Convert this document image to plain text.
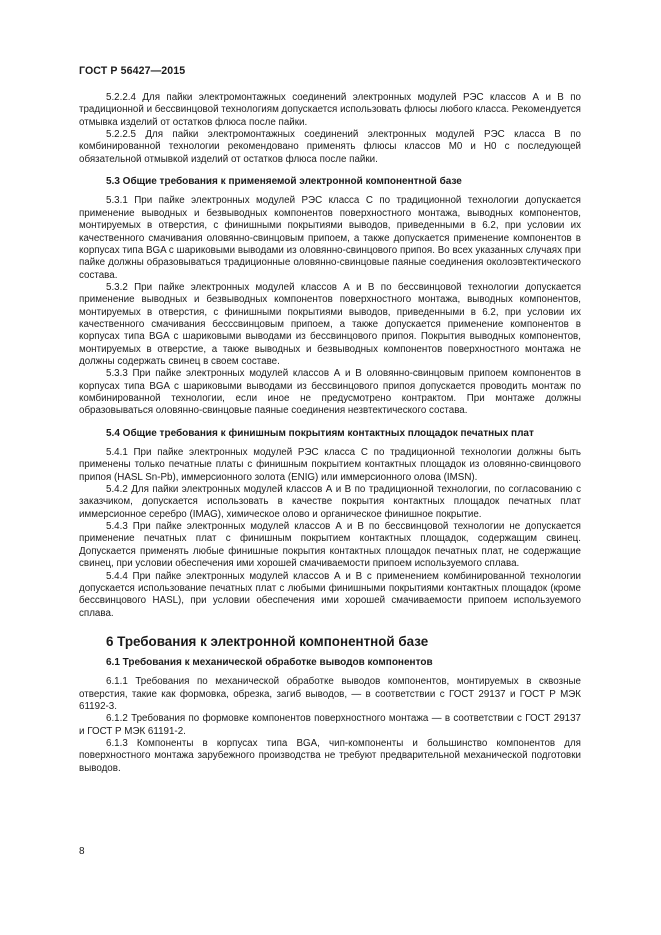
ГОСТ Р 56427—2015

5.2.2.4 Для пайки электромонтажных соединений электронных модулей РЭС классов А и В по традиционной и бессвинцовой технологиям допускается использовать флюсы любого класса. Рекомендуется отмывка изделий от остатков флюса после пайки.

5.2.2.5 Для пайки электромонтажных соединений электронных модулей РЭС класса В по комбинированной технологии рекомендовано применять флюсы классов М0 и Н0 с последующей обязательной отмывкой изделий от остатков флюса после пайки.

5.3 Общие требования к применяемой электронной компонентной базе

5.3.1 При пайке электронных модулей РЭС класса С по традиционной технологии допускается применение выводных и безвыводных компонентов поверхностного монтажа, выводных компонентов, монтируемых в отверстия, с финишными покрытиями выводов, приведенными в 6.2, при условии их качественного смачивания оловянно-свинцовым припоем, а также допускается применение компонентов в корпусах типа BGA с шариковыми выводами из оловянно-свинцового припоя. Во всех указанных случаях при пайке должны образовываться традиционные оловянно-свинцовые паяные соединения околоэвтектического состава.

5.3.2 При пайке электронных модулей классов А и В по бессвинцовой технологии допускается применение выводных и безвыводных компонентов поверхностного монтажа, выводных компонентов, монтируемых в отверстия, с финишными покрытиями выводов, приведенными в 6.2, при условии их качественного смачивания бесссвинцовым припоем, а также допускается применение компонентов в корпусах типа BGA с шариковыми выводами из бессвинцового припоя. Покрытия выводных компонентов, монтируемых в отверстие, а также выводных и безвыводных компонентов поверхностного монтажа не должны содержать свинец в своем составе.

5.3.3 При пайке электронных модулей классов А и В оловянно-свинцовым припоем компонентов в корпусах типа BGA с шариковыми выводами из бессвинцового припоя допускается проводить монтаж по комбинированной технологии, если иное не предусмотрено контрактом. При монтаже должны образовываться оловянно-свинцовые паяные соединения незвтектического состава.

5.4 Общие требования к финишным покрытиям контактных площадок печатных плат

5.4.1 При пайке электронных модулей РЭС класса С по традиционной технологии должны быть применены только печатные платы с финишным покрытием контактных площадок из оловянно-свинцового припоя (HASL Sn-Pb), иммерсионного золота (ENIG) или иммерсионного олова (IMSN).

5.4.2 Для пайки электронных модулей классов А и В по традиционной технологии, по согласованию с заказчиком, допускается использовать в качестве покрытия контактных площадок печатных плат иммерсионное серебро (IMAG), химическое олово и органическое финишное покрытие.

5.4.3 При пайке электронных модулей классов А и В по бессвинцовой технологии не допускается применение печатных плат с финишным покрытием контактных площадок, содержащим свинец. Допускается применять любые финишные покрытия контактных площадок печатных плат, не содержащие свинец, при условии обеспечения ими хорошей смачиваемости припоем используемого сплава.

5.4.4 При пайке электронных модулей классов А и В с применением комбинированной технологии допускается использование печатных плат с любыми финишными покрытиями контактных площадок (кроме бессвинцового HASL), при условии обеспечения ими хорошей смачиваемости припоем используемого сплава.

6 Требования к электронной компонентной базе
6.1 Требования к механической обработке выводов компонентов

6.1.1 Требования по механической обработке выводов компонентов, монтируемых в сквозные отверстия, такие как формовка, обрезка, загиб выводов, — в соответствии с ГОСТ 29137 и ГОСТ Р МЭК 61192-3.

6.1.2 Требования по формовке компонентов поверхностного монтажа — в соответствии с ГОСТ 29137 и ГОСТ Р МЭК 61191-2.

6.1.3 Компоненты в корпусах типа BGA, чип-компоненты и большинство компонентов для поверхностного монтажа зарубежного производства не требуют предварительной механической подготовки выводов.

8
